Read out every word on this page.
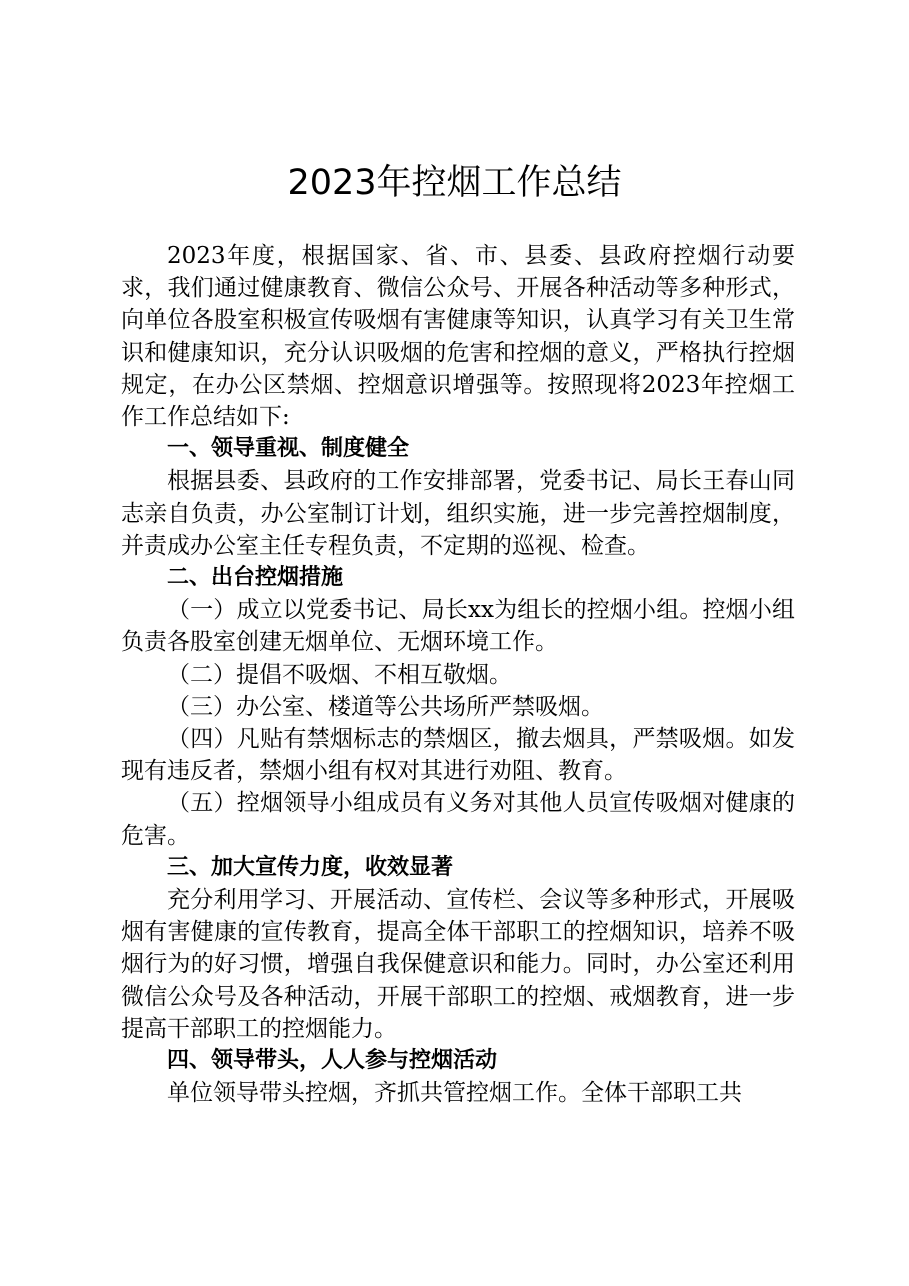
2023年控烟工作总结

2023年度，根据国家、省、市、县委、县政府控烟行动要求，我们通过健康教育、微信公众号、开展各种活动等多种形式，向单位各股室积极宣传吸烟有害健康等知识，认真学习有关卫生常识和健康知识，充分认识吸烟的危害和控烟的意义，严格执行控烟规定，在办公区禁烟、控烟意识增强等。按照现将2023年控烟工作工作总结如下:

一、领导重视、制度健全

根据县委、县政府的工作安排部署，党委书记、局长王春山同志亲自负责，办公室制订计划，组织实施，进一步完善控烟制度，并责成办公室主任专程负责，不定期的巡视、检查。

二、出台控烟措施

（一）成立以党委书记、局长xx为组长的控烟小组。控烟小组负责各股室创建无烟单位、无烟环境工作。

（二）提倡不吸烟、不相互敬烟。

（三）办公室、楼道等公共场所严禁吸烟。

（四）凡贴有禁烟标志的禁烟区，撤去烟具，严禁吸烟。如发现有违反者，禁烟小组有权对其进行劝阻、教育。

（五）控烟领导小组成员有义务对其他人员宣传吸烟对健康的危害。

三、加大宣传力度，收效显著

充分利用学习、开展活动、宣传栏、会议等多种形式，开展吸烟有害健康的宣传教育，提高全体干部职工的控烟知识，培养不吸烟行为的好习惯，增强自我保健意识和能力。同时，办公室还利用微信公众号及各种活动，开展干部职工的控烟、戒烟教育，进一步提高干部职工的控烟能力。

四、领导带头，人人参与控烟活动

单位领导带头控烟，齐抓共管控烟工作。全体干部职工共
